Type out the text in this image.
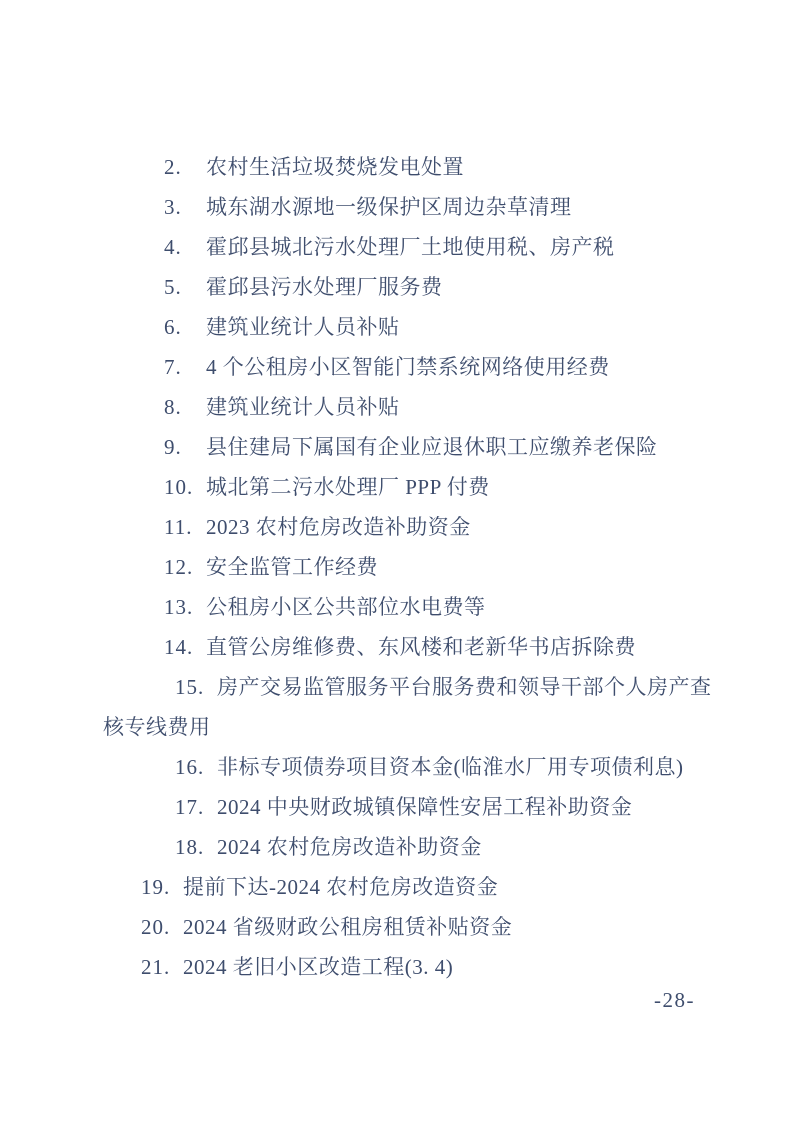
2. 农村生活垃圾焚烧发电处置
3. 城东湖水源地一级保护区周边杂草清理
4. 霍邱县城北污水处理厂土地使用税、房产税
5. 霍邱县污水处理厂服务费
6. 建筑业统计人员补贴
7. 4 个公租房小区智能门禁系统网络使用经费
8. 建筑业统计人员补贴
9. 县住建局下属国有企业应退休职工应缴养老保险
10. 城北第二污水处理厂 PPP 付费
11. 2023 农村危房改造补助资金
12. 安全监管工作经费
13. 公租房小区公共部位水电费等
14. 直管公房维修费、东风楼和老新华书店拆除费
15. 房产交易监管服务平台服务费和领导干部个人房产查
核专线费用
16. 非标专项债券项目资本金(临淮水厂用专项债利息)
17. 2024 中央财政城镇保障性安居工程补助资金
18. 2024 农村危房改造补助资金
19. 提前下达-2024 农村危房改造资金
20. 2024 省级财政公租房租赁补贴资金
21. 2024 老旧小区改造工程(3. 4)
-28-
